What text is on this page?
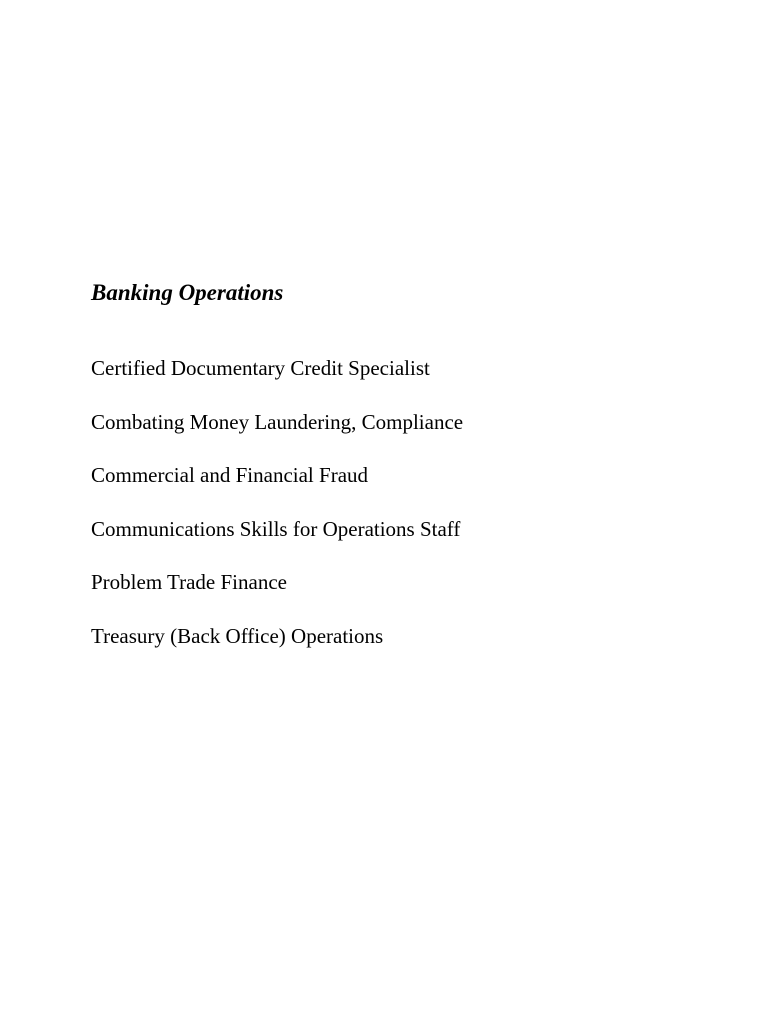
Banking Operations
Certified Documentary Credit Specialist
Combating Money Laundering, Compliance
Commercial and Financial Fraud
Communications Skills for Operations Staff
Problem Trade Finance
Treasury (Back Office) Operations
